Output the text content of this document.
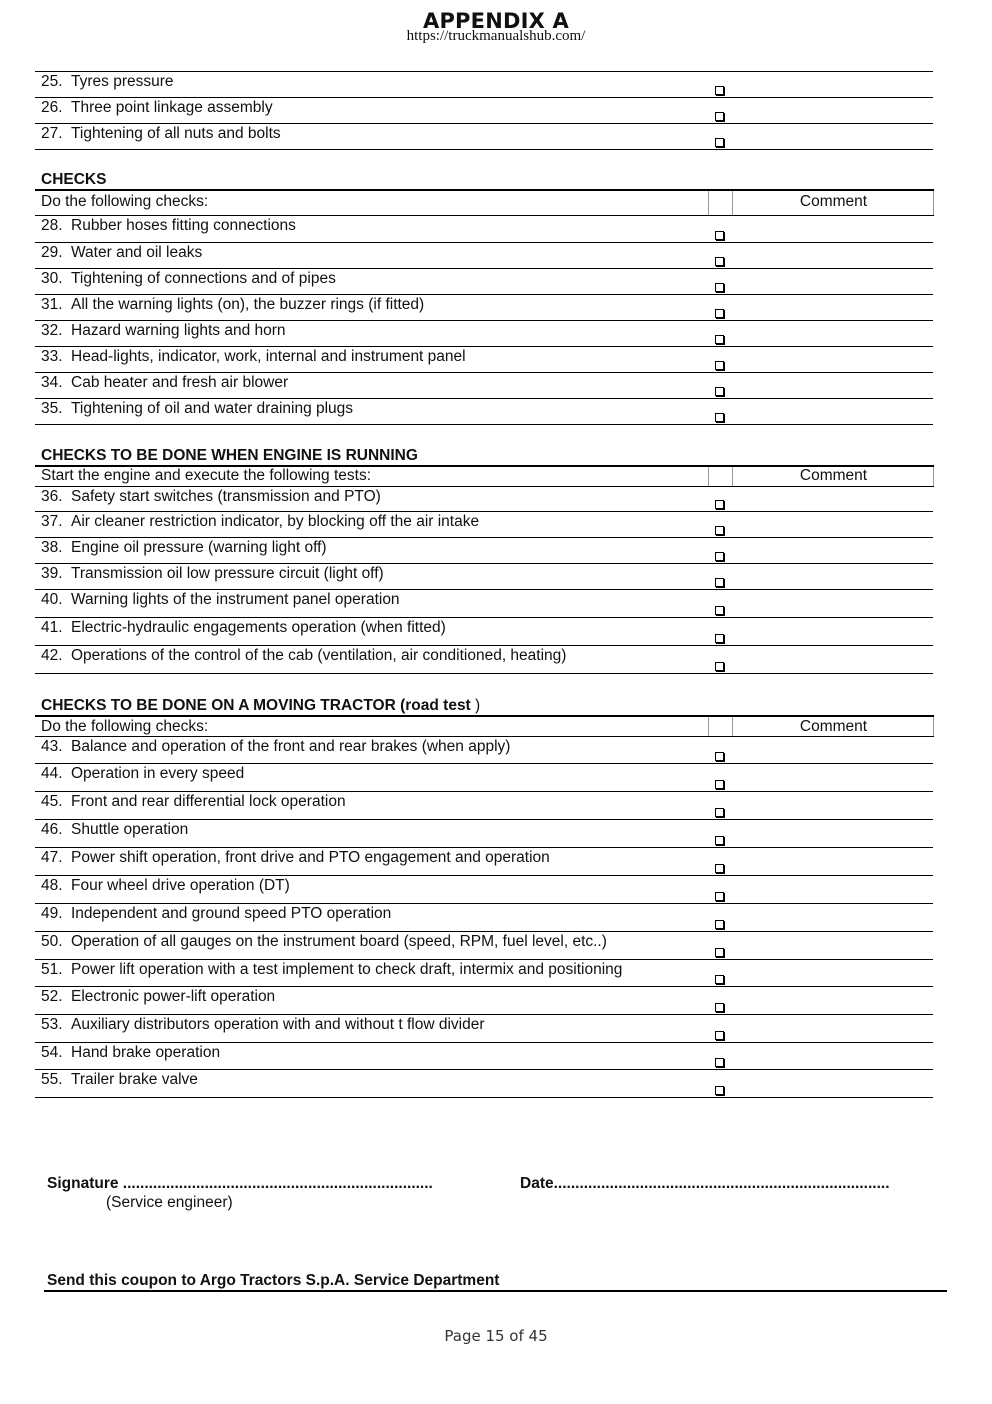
APPENDIX A
https://truckmanualshub.com/
25. Tyres pressure
26. Three point linkage assembly
27. Tightening of all nuts and bolts
CHECKS
Do the following checks:	Comment
28. Rubber hoses fitting connections
29. Water and oil leaks
30. Tightening of connections and of pipes
31. All the warning lights (on), the buzzer rings (if fitted)
32. Hazard warning lights and horn
33. Head-lights, indicator, work, internal and instrument panel
34. Cab heater and fresh air blower
35. Tightening of oil and water draining plugs
CHECKS TO BE DONE WHEN ENGINE IS RUNNING
Start the engine and execute the following tests:	Comment
36. Safety start switches (transmission and PTO)
37. Air cleaner restriction indicator, by blocking off the air intake
38. Engine oil pressure (warning light off)
39. Transmission oil low pressure circuit (light off)
40. Warning lights of the instrument panel operation
41. Electric-hydraulic engagements operation (when fitted)
42. Operations of the control of the cab (ventilation, air conditioned, heating)
CHECKS TO BE DONE ON A MOVING TRACTOR (road test )
Do the following checks:	Comment
43. Balance and operation of the front and rear brakes (when apply)
44. Operation in every speed
45. Front and rear differential lock operation
46. Shuttle operation
47. Power shift operation, front drive and PTO engagement and operation
48. Four wheel drive operation (DT)
49. Independent and ground speed PTO operation
50. Operation of all gauges on the instrument board (speed, RPM, fuel level, etc..)
51. Power lift operation with a test implement to check draft, intermix and positioning
52. Electronic power-lift operation
53. Auxiliary distributors operation with and without t flow divider
54. Hand brake operation
55. Trailer brake valve
Signature ........................................................................
(Service engineer)
Date..............................................................................
Send this coupon to Argo Tractors S.p.A. Service Department
Page 15 of 45
